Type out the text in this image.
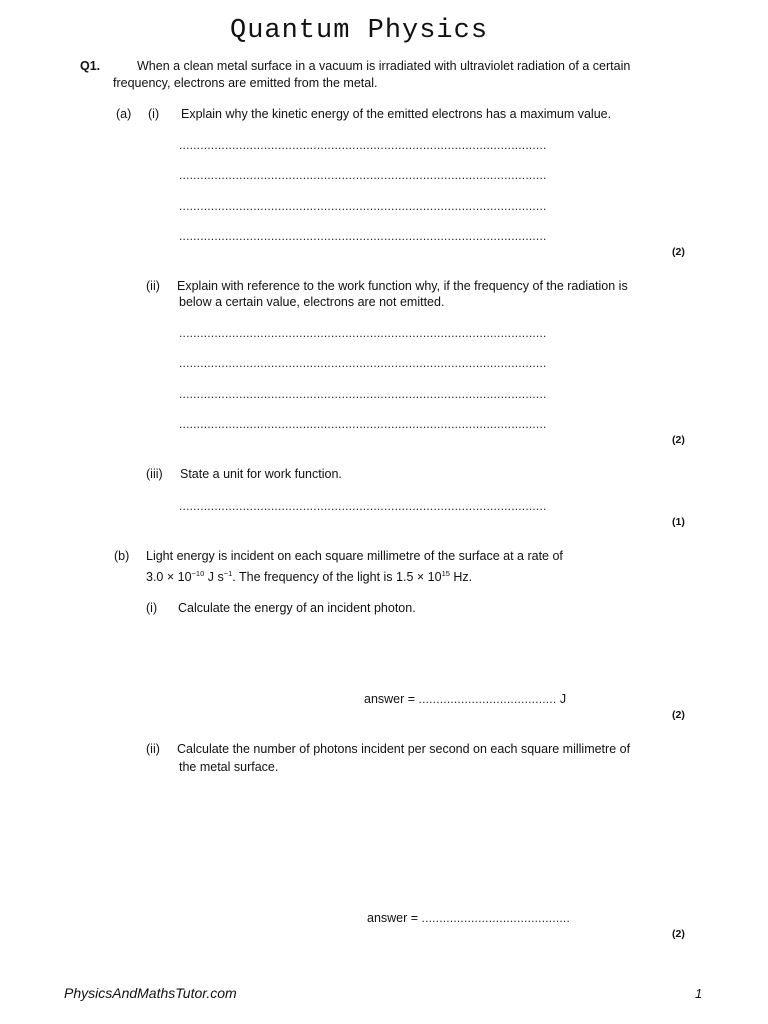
Quantum Physics
Q1.	When a clean metal surface in a vacuum is irradiated with ultraviolet radiation of a certain
frequency, electrons are emitted from the metal.
(a) (i) Explain why the kinetic energy of the emitted electrons has a maximum value.
........................................................................................................
........................................................................................................
........................................................................................................
........................................................................................................
(2)
(ii) Explain with reference to the work function why, if the frequency of the radiation is
below a certain value, electrons are not emitted.
........................................................................................................
........................................................................................................
........................................................................................................
........................................................................................................
(2)
(iii) State a unit for work function.
........................................................................................................
(1)
(b) Light energy is incident on each square millimetre of the surface at a rate of
$3.0 \times 10^{-10}$ J $s^{-1}$. The frequency of the light is $1.5 \times 10^{15}$ Hz.
(i) Calculate the energy of an incident photon.
answer = ....................................... J
(2)
(ii) Calculate the number of photons incident per second on each square millimetre of
the metal surface.
answer = ..........................................
(2)
PhysicsAndMathsTutor.com	1
